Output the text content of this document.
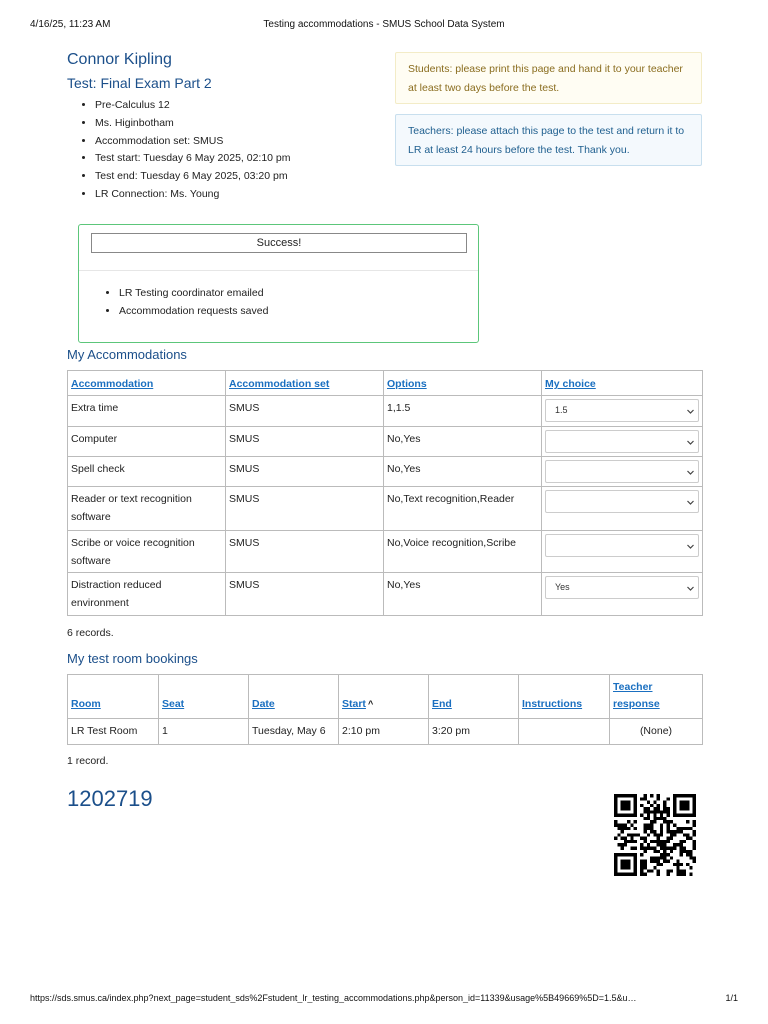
4/16/25, 11:23 AM	Testing accommodations - SMUS School Data System
Connor Kipling
Test: Final Exam Part 2
• Pre-Calculus 12
• Ms. Higinbotham
• Accommodation set: SMUS
• Test start: Tuesday 6 May 2025, 02:10 pm
• Test end: Tuesday 6 May 2025, 03:20 pm
• LR Connection: Ms. Young
Students: please print this page and hand it to your teacher at least two days before the test.
Teachers: please attach this page to the test and return it to LR at least 24 hours before the test. Thank you.
Success!
• LR Testing coordinator emailed
• Accommodation requests saved
My Accommodations
Accommodation	Accommodation set	Options	My choice
Extra time	SMUS	1,1.5	1.5

Computer	SMUS	No,Yes	

Spell check	SMUS	No,Yes	

Reader or text recognition software	SMUS	No,Text recognition,Reader	

Scribe or voice recognition software	SMUS	No,Voice recognition,Scribe	

Distraction reduced environment	SMUS	No,Yes	Yes
6 records.
My test room bookings
Room	Seat	Date	Start ^	End	Instructions	Teacher response
LR Test Room	1	Tuesday, May 6	2:10 pm	3:20 pm		(None)
1 record.
1202719
https://sds.smus.ca/index.php?next_page=student_sds%2Fstudent_lr_testing_accommodations.php&person_id=11339&usage%5B49669%5D=1.5&u…	1/1
